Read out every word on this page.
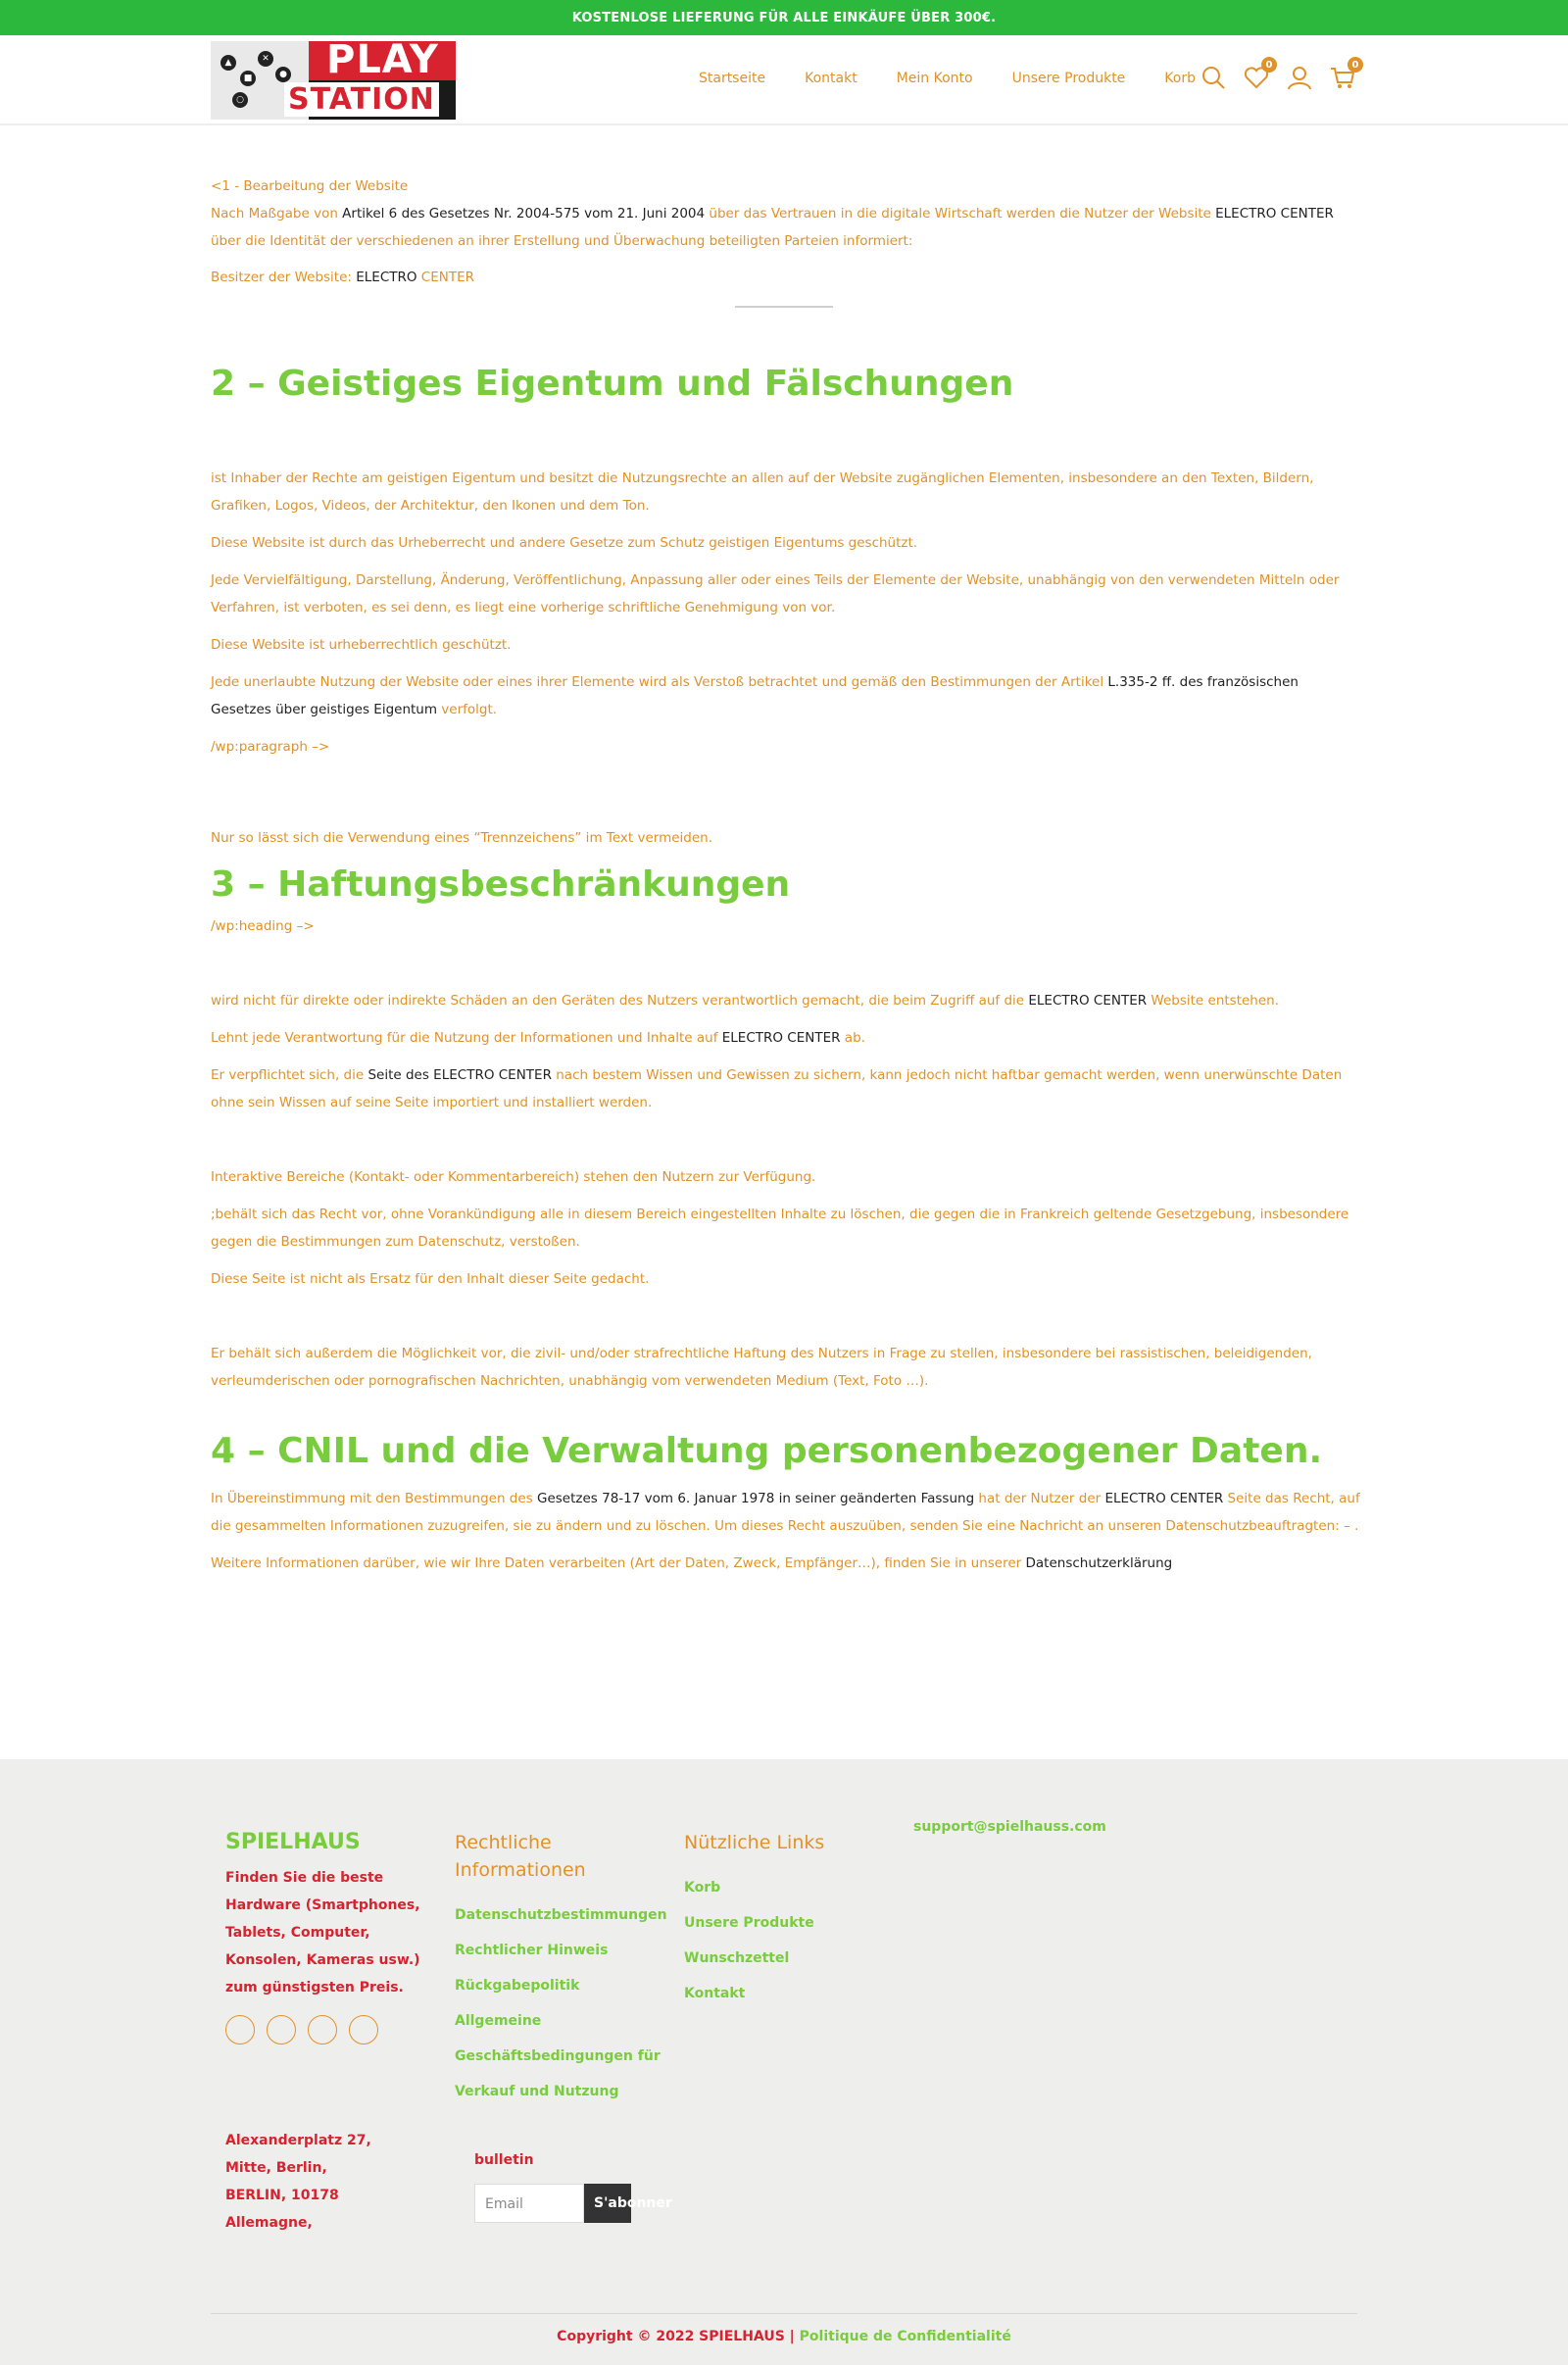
KOSTENLOSE LIEFERUNG FÜR ALLE EINKÄUFE ÜBER 300€.
▲
■
✕
●
○
PLAY
STATION
Startseite	Kontakt	Mein Konto	Unsere Produkte	Korb
0	0

<1 - Bearbeitung der Website

Nach Maßgabe von Artikel 6 des Gesetzes Nr. 2004-575 vom 21. Juni 2004 über das Vertrauen in die digitale Wirtschaft werden die Nutzer der Website ELECTRO CENTER über die Identität der verschiedenen an ihrer Erstellung und Überwachung beteiligten Parteien informiert:

Besitzer der Website: ELECTRO CENTER

2 – Geistiges Eigentum und Fälschungen

ist Inhaber der Rechte am geistigen Eigentum und besitzt die Nutzungsrechte an allen auf der Website zugänglichen Elementen, insbesondere an den Texten, Bildern, Grafiken, Logos, Videos, der Architektur, den Ikonen und dem Ton.

Diese Website ist durch das Urheberrecht und andere Gesetze zum Schutz geistigen Eigentums geschützt.

Jede Vervielfältigung, Darstellung, Änderung, Veröffentlichung, Anpassung aller oder eines Teils der Elemente der Website, unabhängig von den verwendeten Mitteln oder Verfahren, ist verboten, es sei denn, es liegt eine vorherige schriftliche Genehmigung von vor.

Diese Website ist urheberrechtlich geschützt.

Jede unerlaubte Nutzung der Website oder eines ihrer Elemente wird als Verstoß betrachtet und gemäß den Bestimmungen der Artikel L.335-2 ff. des französischen Gesetzes über geistiges Eigentum verfolgt.

/wp:paragraph –>

Nur so lässt sich die Verwendung eines “Trennzeichens” im Text vermeiden.

3 – Haftungsbeschränkungen

/wp:heading –>

wird nicht für direkte oder indirekte Schäden an den Geräten des Nutzers verantwortlich gemacht, die beim Zugriff auf die ELECTRO CENTER Website entstehen.

Lehnt jede Verantwortung für die Nutzung der Informationen und Inhalte auf ELECTRO CENTER ab.

Er verpflichtet sich, die Seite des ELECTRO CENTER nach bestem Wissen und Gewissen zu sichern, kann jedoch nicht haftbar gemacht werden, wenn unerwünschte Daten ohne sein Wissen auf seine Seite importiert und installiert werden.

Interaktive Bereiche (Kontakt- oder Kommentarbereich) stehen den Nutzern zur Verfügung.

;behält sich das Recht vor, ohne Vorankündigung alle in diesem Bereich eingestellten Inhalte zu löschen, die gegen die in Frankreich geltende Gesetzgebung, insbesondere gegen die Bestimmungen zum Datenschutz, verstoßen.

Diese Seite ist nicht als Ersatz für den Inhalt dieser Seite gedacht.

Er behält sich außerdem die Möglichkeit vor, die zivil- und/oder strafrechtliche Haftung des Nutzers in Frage zu stellen, insbesondere bei rassistischen, beleidigenden, verleumderischen oder pornografischen Nachrichten, unabhängig vom verwendeten Medium (Text, Foto …).

4 – CNIL und die Verwaltung personenbezogener Daten.

In Übereinstimmung mit den Bestimmungen des Gesetzes 78-17 vom 6. Januar 1978 in seiner geänderten Fassung hat der Nutzer der ELECTRO CENTER Seite das Recht, auf die gesammelten Informationen zuzugreifen, sie zu ändern und zu löschen. Um dieses Recht auszuüben, senden Sie eine Nachricht an unseren Datenschutzbeauftragten: – .

Weitere Informationen darüber, wie wir Ihre Daten verarbeiten (Art der Daten, Zweck, Empfänger…), finden Sie in unserer Datenschutzerklärung

SPIELHAUS
Finden Sie die beste Hardware (Smartphones, Tablets, Computer, Konsolen, Kameras usw.) zum günstigsten Preis.
Alexanderplatz 27,
Mitte, Berlin,
BERLIN, 10178
Allemagne,
Rechtliche Informationen
Datenschutzbestimmungen
Rechtlicher Hinweis
Rückgabepolitik
Allgemeine
Geschäftsbedingungen für Verkauf und Nutzung
Nützliche Links
Korb
Unsere Produkte
Wunschzettel
Kontakt
support@spielhauss.com
bulletin
Email	S'abonner
Copyright © 2022 SPIELHAUS | Politique de Confidentialité
